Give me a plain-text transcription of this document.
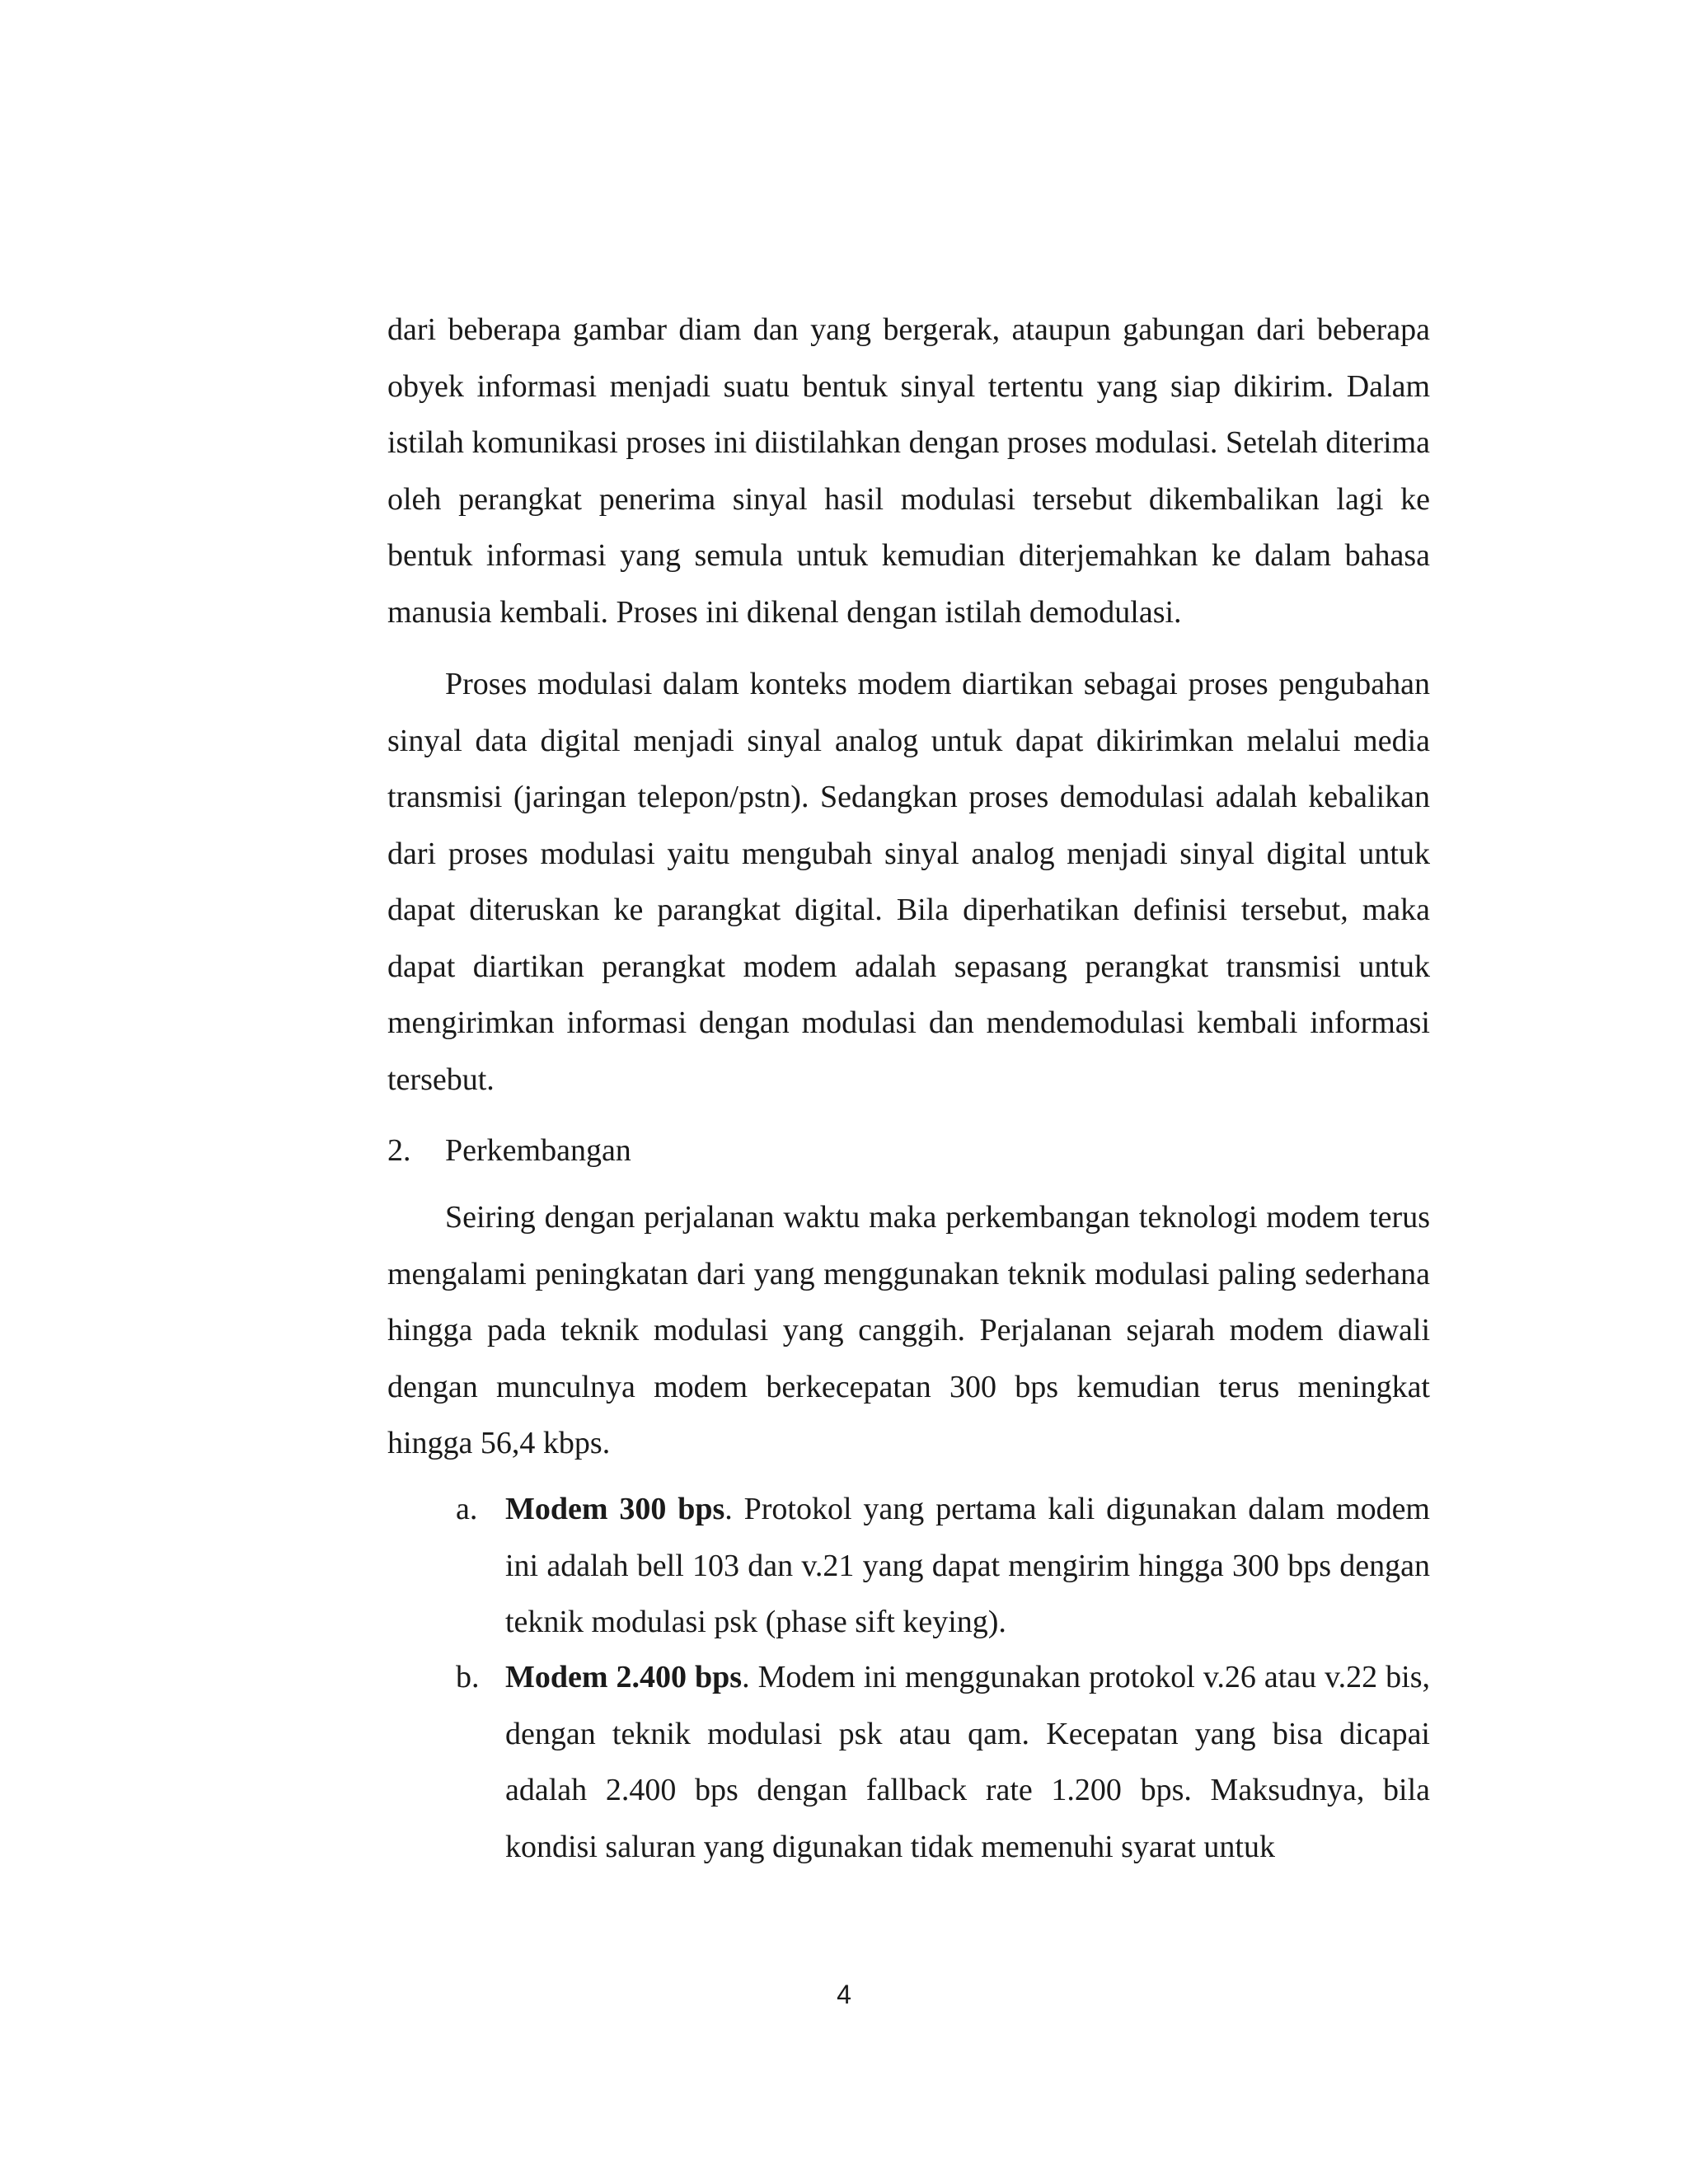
dari beberapa gambar diam dan yang bergerak, ataupun gabungan dari beberapa obyek informasi menjadi suatu bentuk sinyal tertentu yang siap dikirim. Dalam istilah komunikasi proses ini diistilahkan dengan proses modulasi. Setelah diterima oleh perangkat penerima sinyal hasil modulasi tersebut dikembalikan lagi ke bentuk informasi yang semula untuk kemudian diterjemahkan ke dalam bahasa manusia kembali. Proses ini dikenal dengan istilah demodulasi.

Proses modulasi dalam konteks modem diartikan sebagai proses pengubahan sinyal data digital menjadi sinyal analog untuk dapat dikirimkan melalui media transmisi (jaringan telepon/pstn). Sedangkan proses demodulasi adalah kebalikan dari proses modulasi yaitu mengubah sinyal analog menjadi sinyal digital untuk dapat diteruskan ke parangkat digital. Bila diperhatikan definisi tersebut, maka dapat diartikan perangkat modem adalah sepasang perangkat transmisi untuk mengirimkan informasi dengan modulasi dan mendemodulasi kembali informasi tersebut.

2. Perkembangan

Seiring dengan perjalanan waktu maka perkembangan teknologi modem terus mengalami peningkatan dari yang menggunakan teknik modulasi paling sederhana hingga pada teknik modulasi yang canggih. Perjalanan sejarah modem diawali dengan munculnya modem berkecepatan 300 bps kemudian terus meningkat hingga 56,4 kbps.

a. Modem 300 bps. Protokol yang pertama kali digunakan dalam modem ini adalah bell 103 dan v.21 yang dapat mengirim hingga 300 bps dengan teknik modulasi psk (phase sift keying).

b. Modem 2.400 bps. Modem ini menggunakan protokol v.26 atau v.22 bis, dengan teknik modulasi psk atau qam. Kecepatan yang bisa dicapai adalah 2.400 bps dengan fallback rate 1.200 bps. Maksudnya, bila kondisi saluran yang digunakan tidak memenuhi syarat untuk

4
